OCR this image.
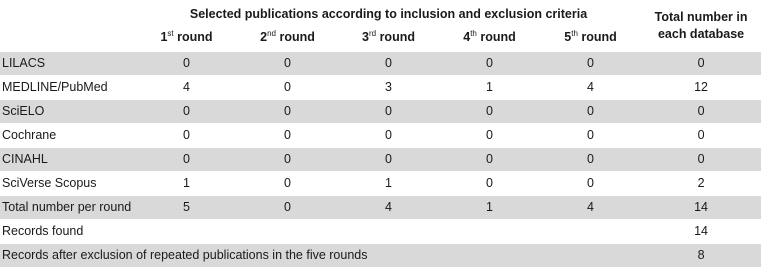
	Selected publications according to inclusion and exclusion criteria					Total number in
each database
	1st round	2nd round	3rd round	4th round	5th round	
LILACS	0	0	0	0	0	0
MEDLINE/PubMed	4	0	3	1	4	12
SciELO	0	0	0	0	0	0
Cochrane	0	0	0	0	0	0
CINAHL	0	0	0	0	0	0
SciVerse Scopus	1	0	1	0	0	2
Total number per round	5	0	4	1	4	14
Records found						14
Records after exclusion of repeated publications in the five rounds						8
